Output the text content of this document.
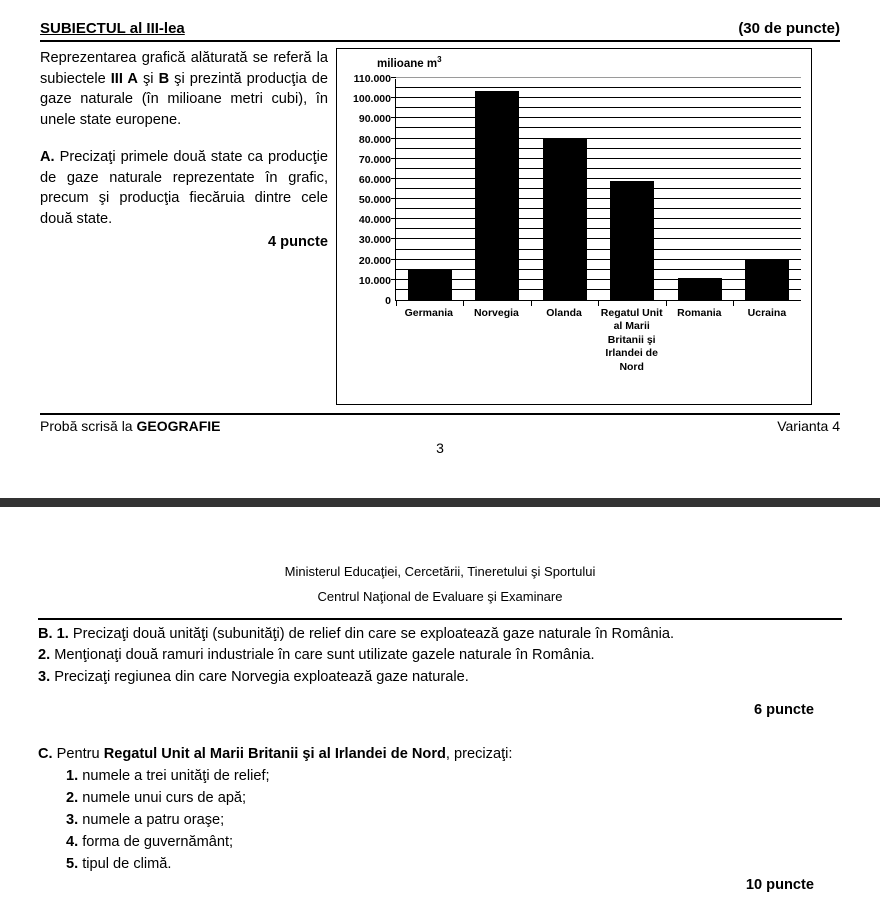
SUBIECTUL al III-lea	(30 de puncte)

Reprezentarea grafică alăturată se referă la subiectele III A şi B şi prezintă producţia de gaze naturale (în milioane metri cubi), în unele state europene.

A. Precizaţi primele două state ca producţie de gaze naturale reprezentate în grafic, precum şi producţia fiecăruia dintre cele două state.

4 puncte
milioane $m^3$
0
10.000
20.000
30.000
40.000
50.000
60.000
70.000
80.000
90.000
100.000
110.000
Germania	Norvegia	Olanda	Regatul Unit al Marii Britanii şi Irlandei de Nord
Romania	Ucraina
Probă scrisă la GEOGRAFIE	Varianta 4
3
Ministerul Educaţiei, Cercetării, Tineretului şi Sportului
Centrul Naţional de Evaluare şi Examinare

B. 1. Precizaţi două unităţi (subunităţi) de relief din care se exploatează gaze naturale în România.

2. Menţionaţi două ramuri industriale în care sunt utilizate gazele naturale în România.

3. Precizaţi regiunea din care Norvegia exploatează gaze naturale.

6 puncte

C. Pentru Regatul Unit al Marii Britanii şi al Irlandei de Nord, precizaţi:

1. numele a trei unităţi de relief;
2. numele unui curs de apă;
3. numele a patru oraşe;
4. forma de guvernământ;
5. tipul de climă.
10 puncte
